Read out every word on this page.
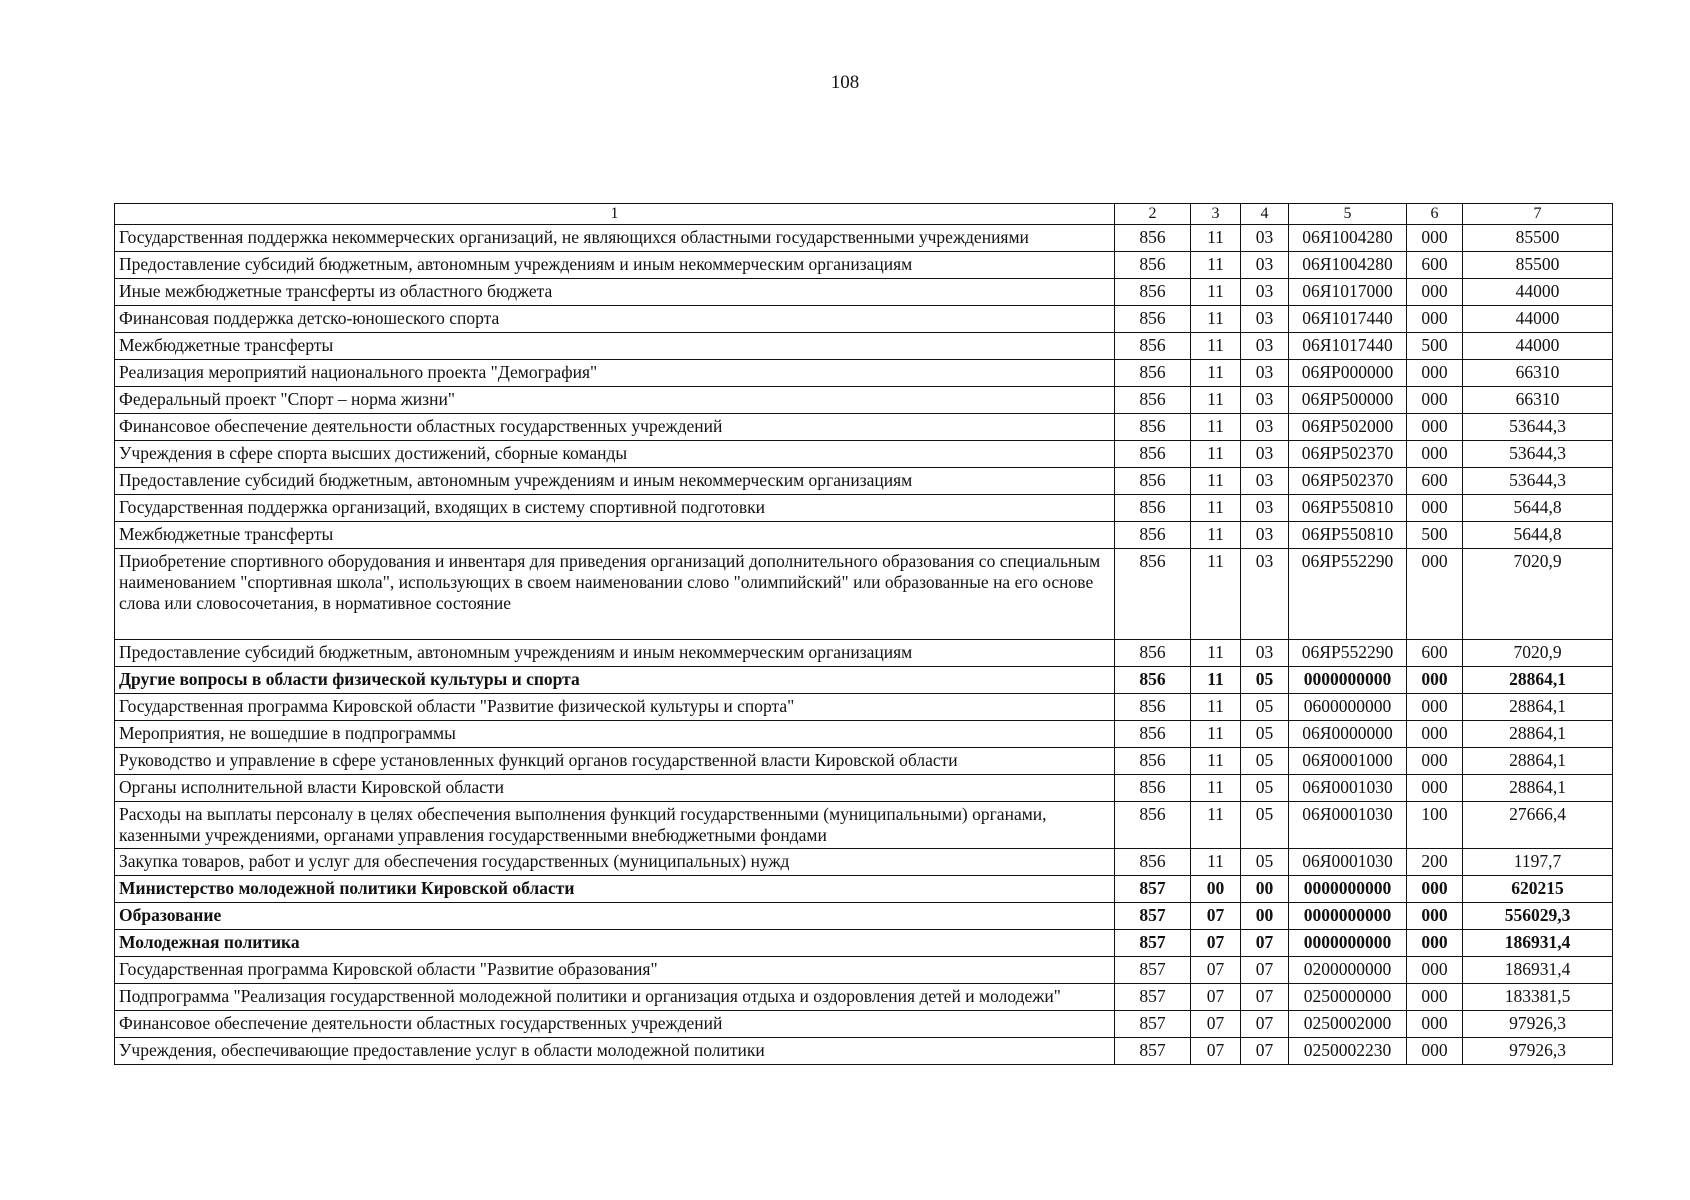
108
1	2	3	4	5	6	7
Государственная поддержка некоммерческих организаций, не являющихся областными государственными учреждениями	856	11	03	06Я1004280	000	85500
Предоставление субсидий бюджетным, автономным учреждениям и иным некоммерческим организациям	856	11	03	06Я1004280	600	85500
Иные межбюджетные трансферты из областного бюджета	856	11	03	06Я1017000	000	44000
Финансовая поддержка детско-юношеского спорта	856	11	03	06Я1017440	000	44000
Межбюджетные трансферты	856	11	03	06Я1017440	500	44000
Реализация мероприятий национального проекта "Демография"	856	11	03	06ЯР000000	000	66310
Федеральный проект "Спорт – норма жизни"	856	11	03	06ЯР500000	000	66310
Финансовое обеспечение деятельности областных государственных учреждений	856	11	03	06ЯР502000	000	53644,3
Учреждения в сфере спорта высших достижений, сборные команды	856	11	03	06ЯР502370	000	53644,3
Предоставление субсидий бюджетным, автономным учреждениям и иным некоммерческим организациям	856	11	03	06ЯР502370	600	53644,3
Государственная поддержка организаций, входящих в систему спортивной подготовки	856	11	03	06ЯР550810	000	5644,8
Межбюджетные трансферты	856	11	03	06ЯР550810	500	5644,8
Приобретение спортивного оборудования и инвентаря для приведения организаций дополнительного образования со специальным наименованием "спортивная школа", использующих в своем наименовании слово "олимпийский" или образованные на его основе слова или словосочетания, в нормативное состояние	856	11	03	06ЯР552290	000	7020,9
Предоставление субсидий бюджетным, автономным учреждениям и иным некоммерческим организациям	856	11	03	06ЯР552290	600	7020,9
Другие вопросы в области физической культуры и спорта	856	11	05	0000000000	000	28864,1
Государственная программа Кировской области "Развитие физической культуры и спорта"	856	11	05	0600000000	000	28864,1
Мероприятия, не вошедшие в подпрограммы	856	11	05	06Я0000000	000	28864,1
Руководство и управление в сфере установленных функций органов государственной власти Кировской области	856	11	05	06Я0001000	000	28864,1
Органы исполнительной власти Кировской области	856	11	05	06Я0001030	000	28864,1
Расходы на выплаты персоналу в целях обеспечения выполнения функций государственными (муниципальными) органами, казенными учреждениями, органами управления государственными внебюджетными фондами	856	11	05	06Я0001030	100	27666,4
Закупка товаров, работ и услуг для обеспечения государственных (муниципальных) нужд	856	11	05	06Я0001030	200	1197,7
Министерство молодежной политики Кировской области	857	00	00	0000000000	000	620215
Образование	857	07	00	0000000000	000	556029,3
Молодежная политика	857	07	07	0000000000	000	186931,4
Государственная программа Кировской области "Развитие образования"	857	07	07	0200000000	000	186931,4
Подпрограмма "Реализация государственной молодежной политики и организация отдыха и оздоровления детей и молодежи"	857	07	07	0250000000	000	183381,5
Финансовое обеспечение деятельности областных государственных учреждений	857	07	07	0250002000	000	97926,3
Учреждения, обеспечивающие предоставление услуг в области молодежной политики	857	07	07	0250002230	000	97926,3
